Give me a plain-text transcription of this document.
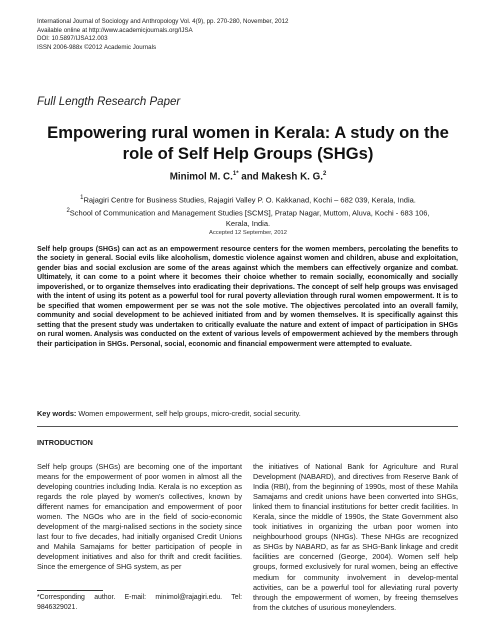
International Journal of Sociology and Anthropology Vol. 4(9), pp. 270-280, November, 2012
Available online at http://www.academicjournals.org/IJSA
DOI: 10.5897/IJSA12.003
ISSN 2006-988x ©2012 Academic Journals
Full Length Research Paper
Empowering rural women in Kerala: A study on the role of Self Help Groups (SHGs)
Minimol M. C.$^{1*}$ and Makesh K. G.$^2$
$^1$Rajagiri Centre for Business Studies, Rajagiri Valley P. O. Kakkanad, Kochi – 682 039, Kerala, India.
$^2$School of Communication and Management Studies [SCMS], Pratap Nagar, Muttom, Aluva, Kochi - 683 106, Kerala, India.
Accepted 12 September, 2012
Self help groups (SHGs) can act as an empowerment resource centers for the women members, percolating the benefits to the society in general. Social evils like alcoholism, domestic violence against women and children, abuse and exploitation, gender bias and social exclusion are some of the areas against which the members can effectively organize and combat. Ultimately, it can come to a point where it becomes their choice whether to remain socially, economically and socially impoverished, or to organize themselves into eradicating their deprivations. The concept of self help groups was envisaged with the intent of using its potent as a powerful tool for rural poverty alleviation through rural women empowerment. It is to be specified that women empowerment per se was not the sole motive. The objectives percolated into an overall family, community and social development to be achieved initiated from and by women themselves. It is specifically against this setting that the present study was undertaken to critically evaluate the nature and extent of impact of participation in SHGs on rural women. Analysis was conducted on the extent of various levels of empowerment achieved by the members through their participation in SHGs. Personal, social, economic and financial empowerment were attempted to evaluate.
Key words: Women empowerment, self help groups, micro-credit, social security.
INTRODUCTION
Self help groups (SHGs) are becoming one of the important means for the empowerment of poor women in almost all the developing countries including India. Kerala is no exception as regards the role played by women's collectives, known by different names for emancipation and empowerment of poor women. The NGOs who are in the field of socio-economic development of the margi-nalised sections in the society since last four to five decades, had initially organised Credit Unions and Mahila Samajams for better participation of people in development initiatives and also for thrift and credit facilities. Since the emergence of SHG system, as per
the initiatives of National Bank for Agriculture and Rural Development (NABARD), and directives from Reserve Bank of India (RBI), from the beginning of 1990s, most of these Mahila Samajams and credit unions have been converted into SHGs, linked them to financial institutions for better credit facilities. In Kerala, since the middle of 1990s, the State Government also took initiatives in organizing the urban poor women into neighbourhood groups (NHGs). These NHGs are recognized as SHGs by NABARD, as far as SHG-Bank linkage and credit facilities are concerned (George, 2004). Women self help groups, formed exclusively for rural women, being an effective medium for community involvement in develop-mental activities, can be a powerful tool for alleviating rural poverty through the empowerment of women, by freeing themselves from the clutches of usurious moneylenders.
*Corresponding author. E-mail: minimol@rajagiri.edu. Tel: 9846329021.
